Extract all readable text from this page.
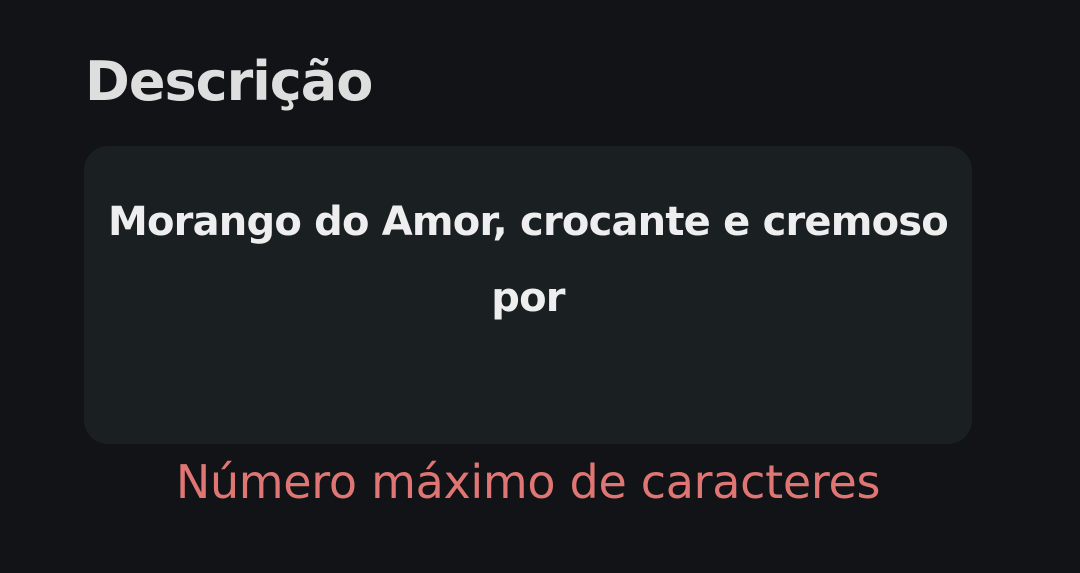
Descrição
Morango do Amor, crocante e cremoso por

Número máximo de caracteres
